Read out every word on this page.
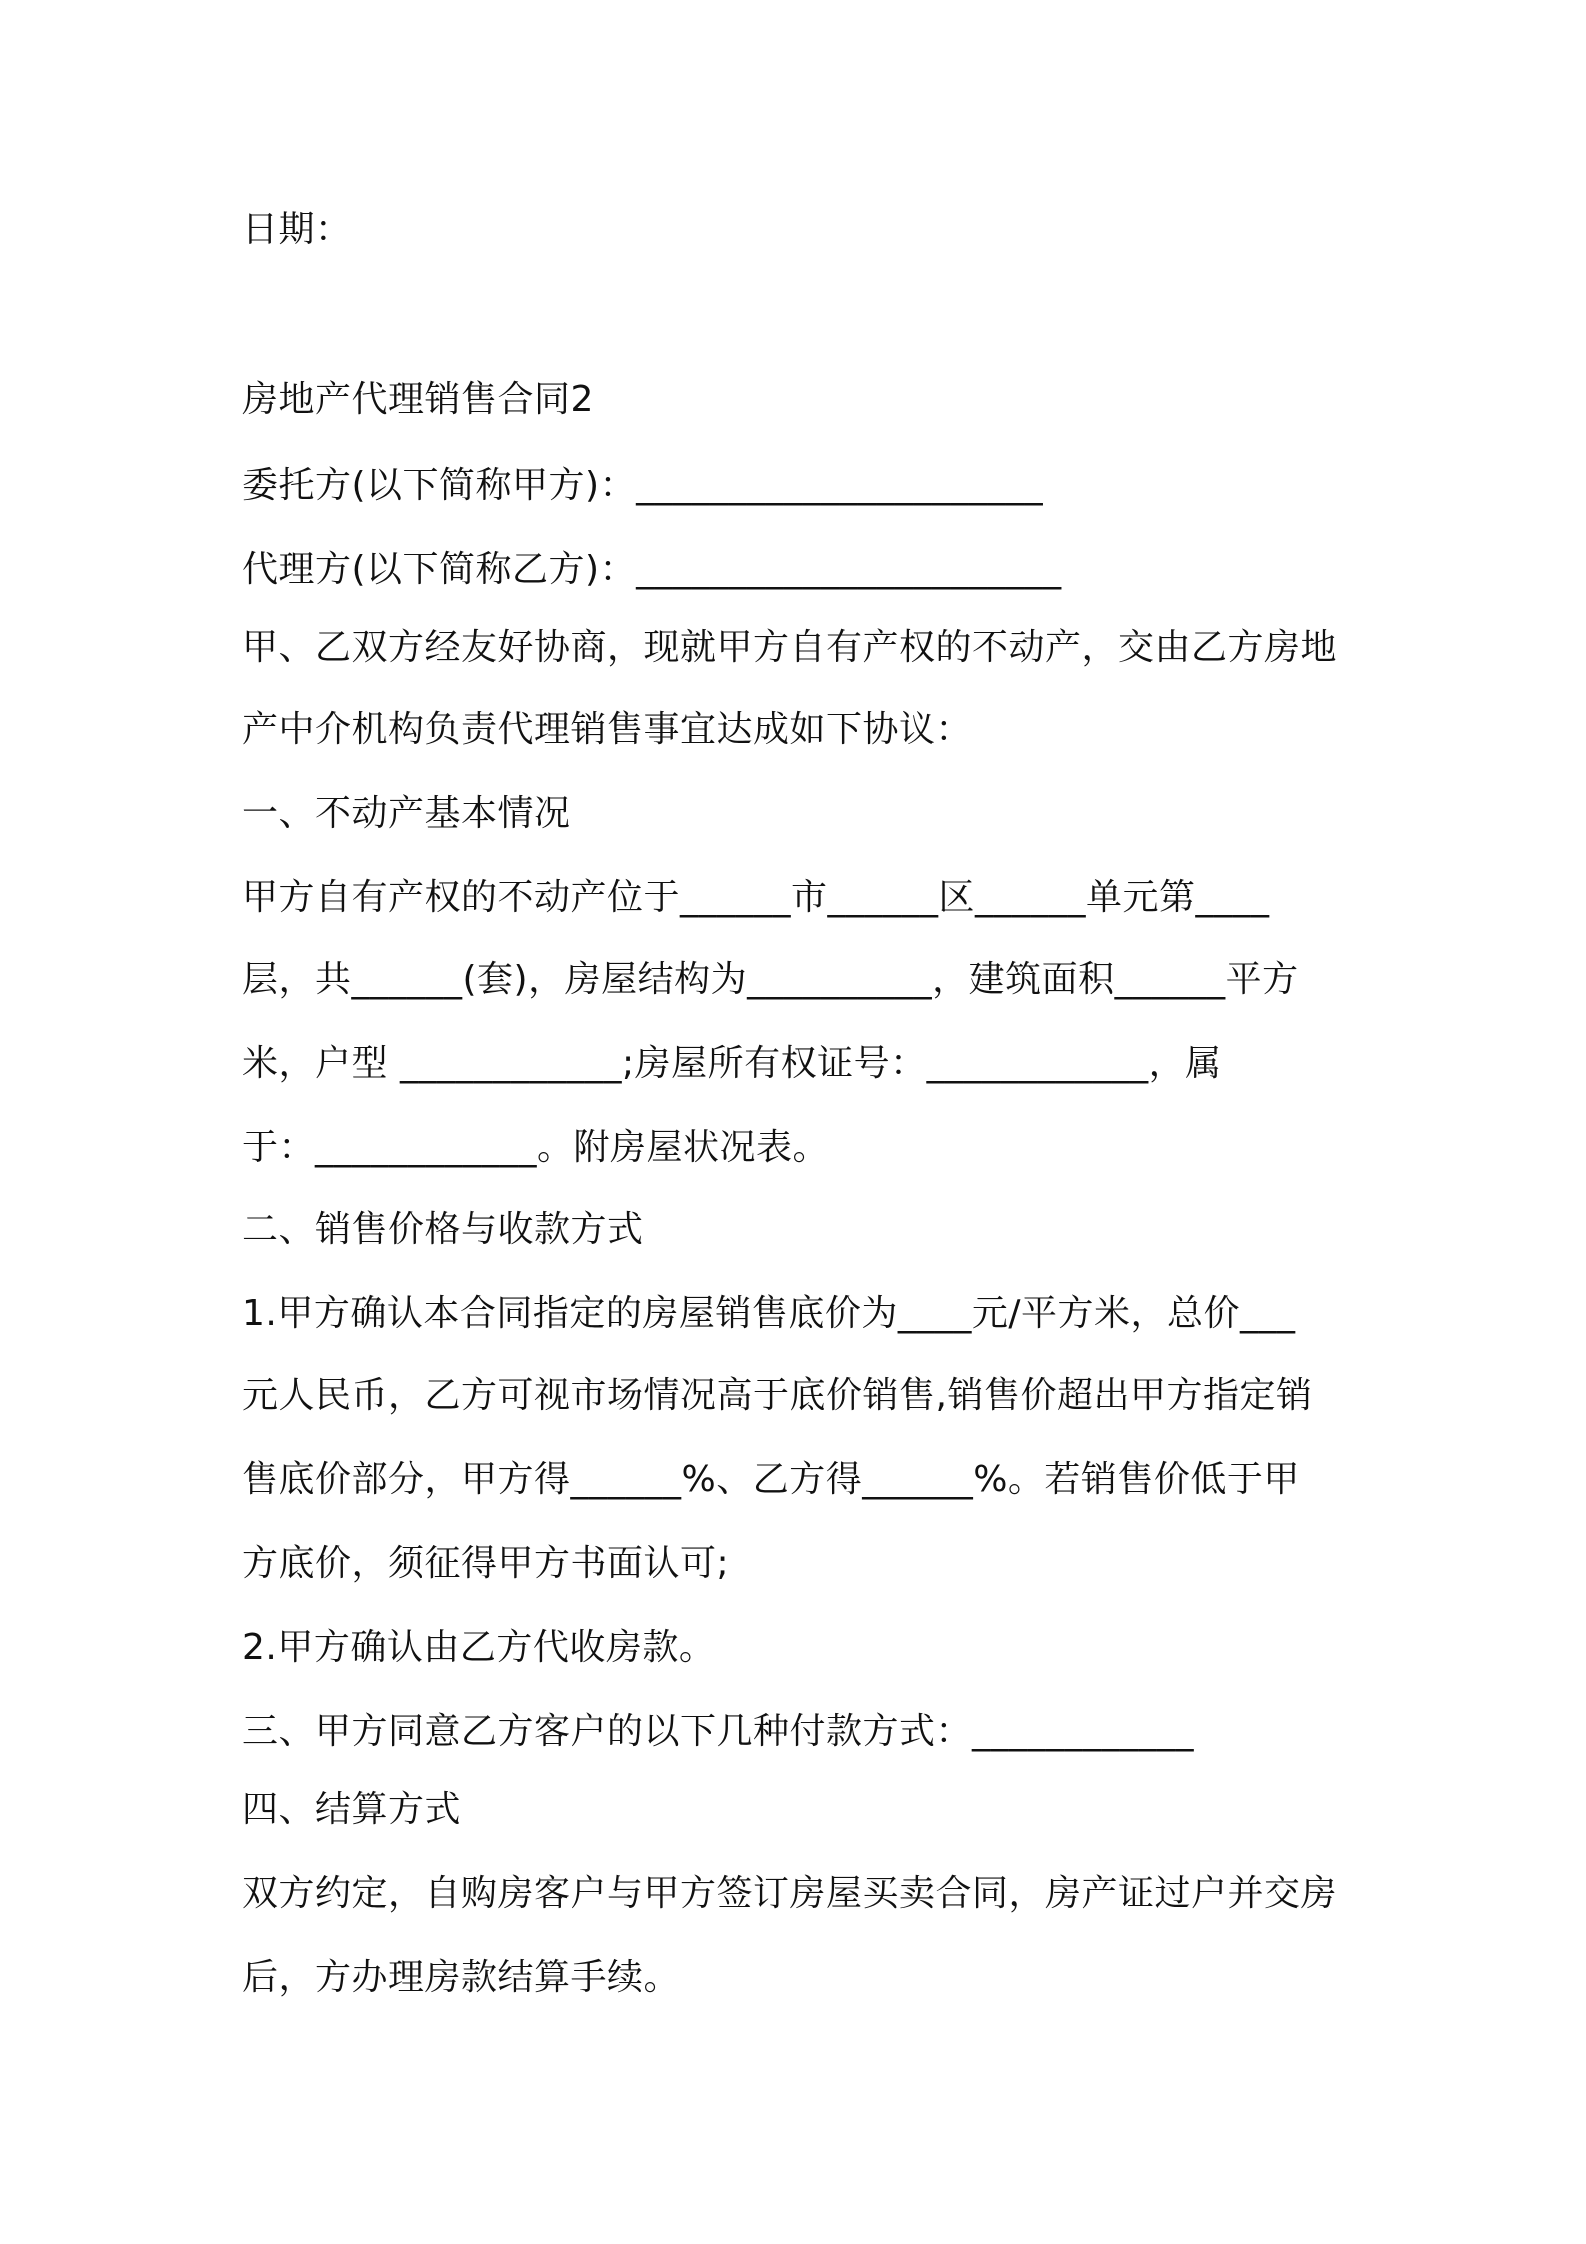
日期：
房地产代理销售合同2
委托方(以下简称甲方)：______________________
代理方(以下简称乙方)：_______________________
甲、乙双方经友好协商，现就甲方自有产权的不动产，交由乙方房地
产中介机构负责代理销售事宜达成如下协议：
一、不动产基本情况
甲方自有产权的不动产位于______市______区______单元第____
层，共______(套)，房屋结构为__________，建筑面积______平方
米，户型 ____________;房屋所有权证号：____________，属
于：____________。附房屋状况表。
二、销售价格与收款方式
1.甲方确认本合同指定的房屋销售底价为____元/平方米，总价___
元人民币，乙方可视市场情况高于底价销售,销售价超出甲方指定销
售底价部分，甲方得______%、乙方得______%。若销售价低于甲
方底价，须征得甲方书面认可;
2.甲方确认由乙方代收房款。
三、甲方同意乙方客户的以下几种付款方式：____________
四、结算方式
双方约定，自购房客户与甲方签订房屋买卖合同，房产证过户并交房
后，方办理房款结算手续。
